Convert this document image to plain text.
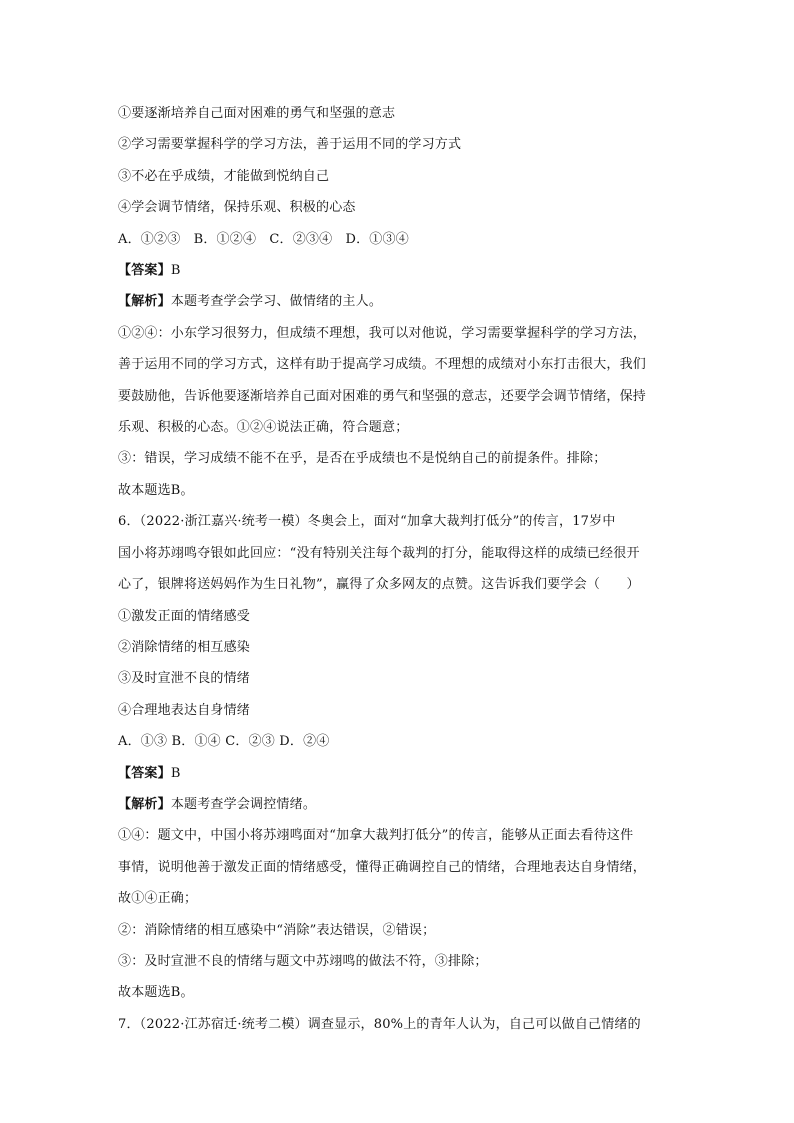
①要逐渐培养自己面对困难的勇气和坚强的意志
②学习需要掌握科学的学习方法，善于运用不同的学习方式
③不必在乎成绩，才能做到悦纳自己
④学会调节情绪，保持乐观、积极的心态
A．①②③　B．①②④　C．②③④　D．①③④
【答案】B
【解析】本题考查学会学习、做情绪的主人。
①②④：小东学习很努力，但成绩不理想，我可以对他说，学习需要掌握科学的学习方法，
善于运用不同的学习方式，这样有助于提高学习成绩。不理想的成绩对小东打击很大，我们
要鼓励他，告诉他要逐渐培养自己面对困难的勇气和坚强的意志，还要学会调节情绪，保持
乐观、积极的心态。①②④说法正确，符合题意；
③：错误，学习成绩不能不在乎，是否在乎成绩也不是悦纳自己的前提条件。排除；
故本题选B。
6．（2022·浙江嘉兴·统考一模）冬奥会上，面对“加拿大裁判打低分”的传言，17岁中
国小将苏翊鸣夺银如此回应：“没有特别关注每个裁判的打分，能取得这样的成绩已经很开
心了，银牌将送妈妈作为生日礼物”，赢得了众多网友的点赞。这告诉我们要学会（　　）
①激发正面的情绪感受
②消除情绪的相互感染
③及时宣泄不良的情绪
④合理地表达自身情绪
A．①③ B．①④ C．②③ D．②④
【答案】B
【解析】本题考查学会调控情绪。
①④：题文中，中国小将苏翊鸣面对“加拿大裁判打低分”的传言，能够从正面去看待这件
事情，说明他善于激发正面的情绪感受，懂得正确调控自己的情绪，合理地表达自身情绪，
故①④正确；
②：消除情绪的相互感染中“消除”表达错误，②错误；
③：及时宣泄不良的情绪与题文中苏翊鸣的做法不符，③排除；
故本题选B。
7．（2022·江苏宿迁·统考二模）调查显示，80%上的青年人认为，自己可以做自己情绪的
